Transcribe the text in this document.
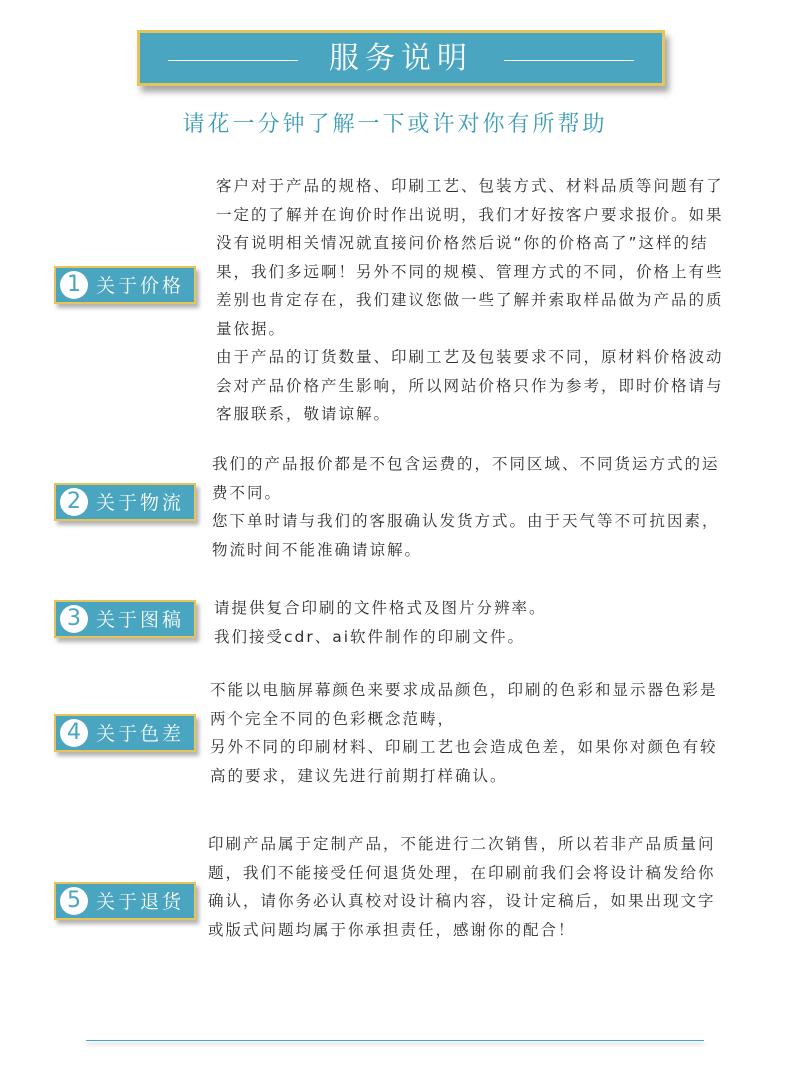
服务说明
请花一分钟了解一下或许对你有所帮助
1 关于价格

客户对于产品的规格、印刷工艺、包装方式、材料品质等问题有了一定的了解并在询价时作出说明，我们才好按客户要求报价。如果没有说明相关情况就直接问价格然后说“你的价格高了”这样的结果，我们多远啊！另外不同的规模、管理方式的不同，价格上有些差别也肯定存在，我们建议您做一些了解并索取样品做为产品的质量依据。

由于产品的订货数量、印刷工艺及包装要求不同，原材料价格波动会对产品价格产生影响，所以网站价格只作为参考，即时价格请与客服联系，敬请谅解。

2 关于物流

我们的产品报价都是不包含运费的，不同区域、不同货运方式的运费不同。

您下单时请与我们的客服确认发货方式。由于天气等不可抗因素，物流时间不能准确请谅解。

3 关于图稿

请提供复合印刷的文件格式及图片分辨率。

我们接受cdr、ai软件制作的印刷文件。

4 关于色差

不能以电脑屏幕颜色来要求成品颜色，印刷的色彩和显示器色彩是两个完全不同的色彩概念范畴，

另外不同的印刷材料、印刷工艺也会造成色差，如果你对颜色有较高的要求，建议先进行前期打样确认。

5 关于退货

印刷产品属于定制产品，不能进行二次销售，所以若非产品质量问题，我们不能接受任何退货处理，在印刷前我们会将设计稿发给你确认，请你务必认真校对设计稿内容，设计定稿后，如果出现文字或版式问题均属于你承担责任，感谢你的配合！
